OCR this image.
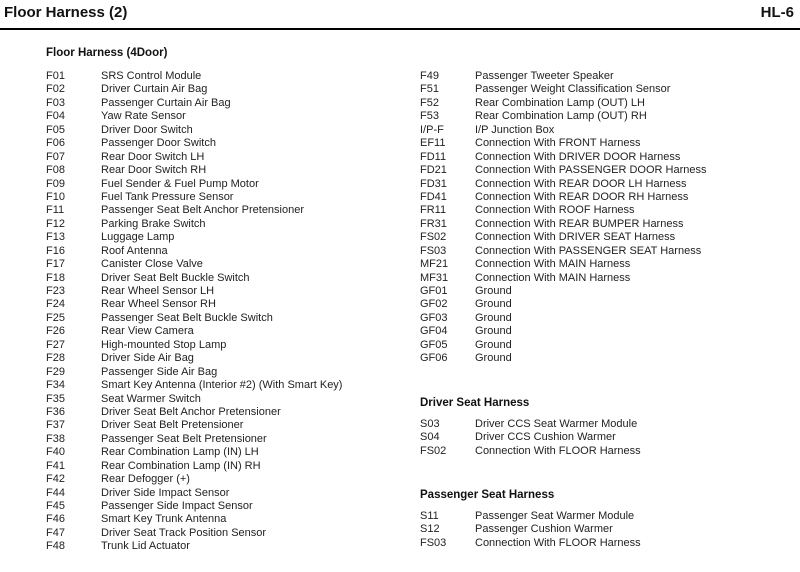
Floor Harness (2)	HL-6
Floor Harness (4Door)
F01	SRS Control Module
F02	Driver Curtain Air Bag
F03	Passenger Curtain Air Bag
F04	Yaw Rate Sensor
F05	Driver Door Switch
F06	Passenger Door Switch
F07	Rear Door Switch LH
F08	Rear Door Switch RH
F09	Fuel Sender & Fuel Pump Motor
F10	Fuel Tank Pressure Sensor
F11	Passenger Seat Belt Anchor Pretensioner
F12	Parking Brake Switch
F13	Luggage Lamp
F16	Roof Antenna
F17	Canister Close Valve
F18	Driver Seat Belt Buckle Switch
F23	Rear Wheel Sensor LH
F24	Rear Wheel Sensor RH
F25	Passenger Seat Belt Buckle Switch
F26	Rear View Camera
F27	High-mounted Stop Lamp
F28	Driver Side Air Bag
F29	Passenger Side Air Bag
F34	Smart Key Antenna (Interior #2) (With Smart Key)
F35	Seat Warmer Switch
F36	Driver Seat Belt Anchor Pretensioner
F37	Driver Seat Belt Pretensioner
F38	Passenger Seat Belt Pretensioner
F40	Rear Combination Lamp (IN) LH
F41	Rear Combination Lamp (IN) RH
F42	Rear Defogger (+)
F44	Driver Side Impact Sensor
F45	Passenger Side Impact Sensor
F46	Smart Key Trunk Antenna
F47	Driver Seat Track Position Sensor
F48	Trunk Lid Actuator
F49	Passenger Tweeter Speaker
F51	Passenger Weight Classification Sensor
F52	Rear Combination Lamp (OUT) LH
F53	Rear Combination Lamp (OUT) RH
I/P-F	I/P Junction Box
EF11	Connection With FRONT Harness
FD11	Connection With DRIVER DOOR Harness
FD21	Connection With PASSENGER DOOR Harness
FD31	Connection With REAR DOOR LH Harness
FD41	Connection With REAR DOOR RH Harness
FR11	Connection With ROOF Harness
FR31	Connection With REAR BUMPER Harness
FS02	Connection With DRIVER SEAT Harness
FS03	Connection With PASSENGER SEAT Harness
MF21 Connection With MAIN Harness
MF31 Connection With MAIN Harness
GF01 Ground
GF02 Ground
GF03 Ground
GF04 Ground
GF05 Ground
GF06 Ground
Driver Seat Harness
S03	Driver CCS Seat Warmer Module
S04	Driver CCS Cushion Warmer
FS02	Connection With FLOOR Harness
Passenger Seat Harness
S11	Passenger Seat Warmer Module
S12	Passenger Cushion Warmer
FS03	Connection With FLOOR Harness
